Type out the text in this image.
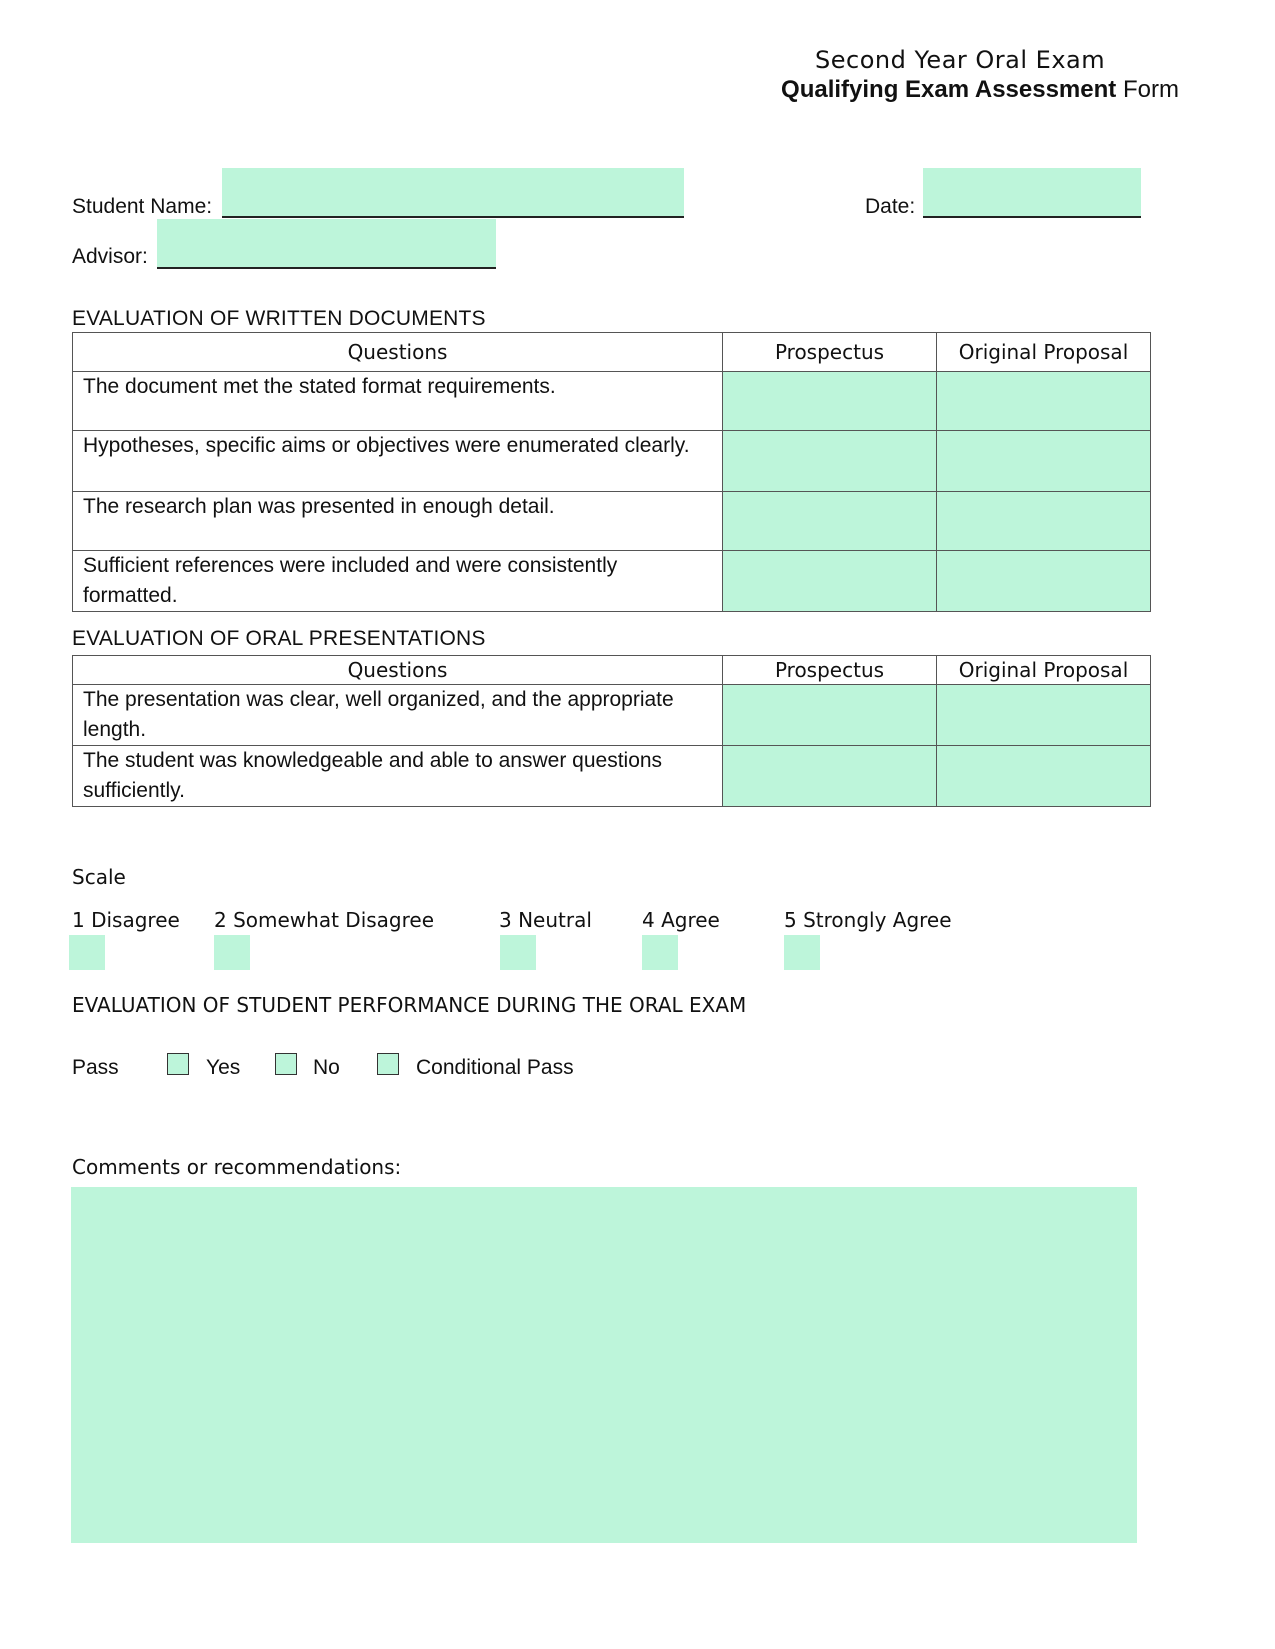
Second Year Oral Exam
Qualifying Exam Assessment Form
Student Name:	Date:
Advisor:
EVALUATION OF WRITTEN DOCUMENTS
Questions	Prospectus	Original Proposal
The document met the stated format requirements.		
Hypotheses, specific aims or objectives were enumerated clearly.		
The research plan was presented in enough detail.		
Sufficient references were included and were consistently formatted.		
EVALUATION OF ORAL PRESENTATIONS
Questions	Prospectus	Original Proposal
The presentation was clear, well organized, and the appropriate length.		
The student was knowledgeable and able to answer questions sufficiently.		
Scale
1 Disagree 2 Somewhat Disagree	3 Neutral	4 Agree	5 Strongly Agree
EVALUATION OF STUDENT PERFORMANCE DURING THE ORAL EXAM
Pass	Yes	No	Conditional Pass
Comments or recommendations:
